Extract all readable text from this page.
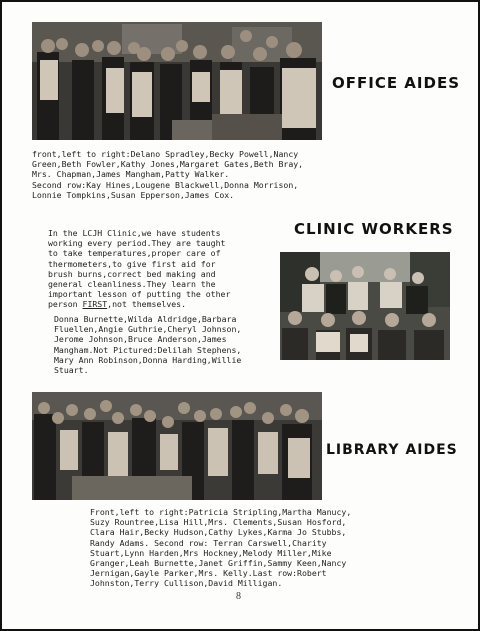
OFFICE AIDES

front,left to right:Delano Spradley,Becky Powell,Nancy
Green,Beth Fowler,Kathy Jones,Margaret Gates,Beth Bray,
Mrs. Chapman,James Mangham,Patty Walker.
Second row:Kay Hines,Lougene Blackwell,Donna Morrison,
Lonnie Tompkins,Susan Epperson,James Cox.

CLINIC WORKERS
In the LCJH Clinic,we have students
working every period.They are taught
to take temperatures,proper care of
thermometers,to give first aid for
brush burns,correct bed making and
general cleanliness.They learn the
important lesson of putting the other
person FIRST,not themselves.

Donna Burnette,Wilda Aldridge,Barbara
Fluellen,Angie Guthrie,Cheryl Johnson,
Jerome Johnson,Bruce Anderson,James
Mangham.Not Pictured:Delilah Stephens,
Mary Ann Robinson,Donna Harding,Willie
Stuart.

LIBRARY AIDES

Front,left to right:Patricia Stripling,Martha Manucy,
Suzy Rountree,Lisa Hill,Mrs. Clements,Susan Hosford,
Clara Hair,Becky Hudson,Cathy Lykes,Karma Jo Stubbs,
Randy Adams. Second row: Terran Carswell,Charity
Stuart,Lynn Harden,Mrs Hockney,Melody Miller,Mike
Granger,Leah Burnette,Janet Griffin,Sammy Keen,Nancy
Jernigan,Gayle Parker,Mrs. Kelly.Last row:Robert
Johnston,Terry Cullison,David Milligan.

8
